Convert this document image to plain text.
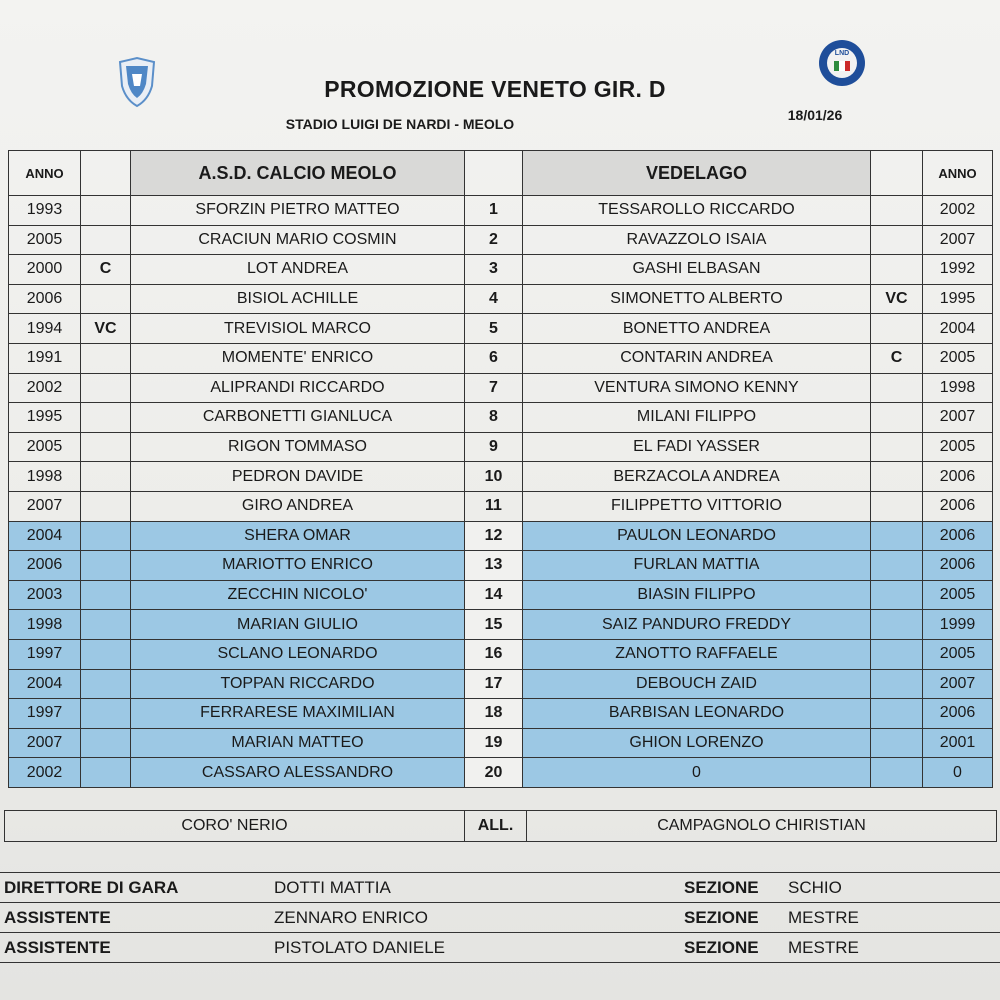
LND
PROMOZIONE VENETO GIR. D
STADIO LUIGI DE NARDI - MEOLO
18/01/26
ANNO		A.S.D. CALCIO MEOLO		VEDELAGO		ANNO
1993		SFORZIN PIETRO MATTEO	1	TESSAROLLO RICCARDO		2002
2005		CRACIUN MARIO COSMIN	2	RAVAZZOLO ISAIA		2007
2000	C	LOT ANDREA	3	GASHI ELBASAN		1992
2006		BISIOL ACHILLE	4	SIMONETTO ALBERTO	VC	1995
1994	VC	TREVISIOL MARCO	5	BONETTO ANDREA		2004
1991		MOMENTE' ENRICO	6	CONTARIN ANDREA	C	2005
2002		ALIPRANDI RICCARDO	7	VENTURA SIMONO KENNY		1998
1995		CARBONETTI GIANLUCA	8	MILANI FILIPPO		2007
2005		RIGON TOMMASO	9	EL FADI YASSER		2005
1998		PEDRON DAVIDE	10	BERZACOLA ANDREA		2006
2007		GIRO ANDREA	11	FILIPPETTO VITTORIO		2006
2004		SHERA OMAR	12	PAULON LEONARDO		2006
2006		MARIOTTO ENRICO	13	FURLAN MATTIA		2006
2003		ZECCHIN NICOLO'	14	BIASIN FILIPPO		2005
1998		MARIAN GIULIO	15	SAIZ PANDURO FREDDY		1999
1997		SCLANO LEONARDO	16	ZANOTTO RAFFAELE		2005
2004		TOPPAN RICCARDO	17	DEBOUCH ZAID		2007
1997		FERRARESE MAXIMILIAN	18	BARBISAN LEONARDO		2006
2007		MARIAN MATTEO	19	GHION LORENZO		2001
2002		CASSARO ALESSANDRO	20	0		0
CORO' NERIO	ALL.	CAMPAGNOLO CHIRISTIAN
DIRETTORE DI GARA	DOTTI MATTIA	SEZIONE	SCHIO
ASSISTENTE	ZENNARO ENRICO	SEZIONE	MESTRE
ASSISTENTE	PISTOLATO DANIELE	SEZIONE	MESTRE
